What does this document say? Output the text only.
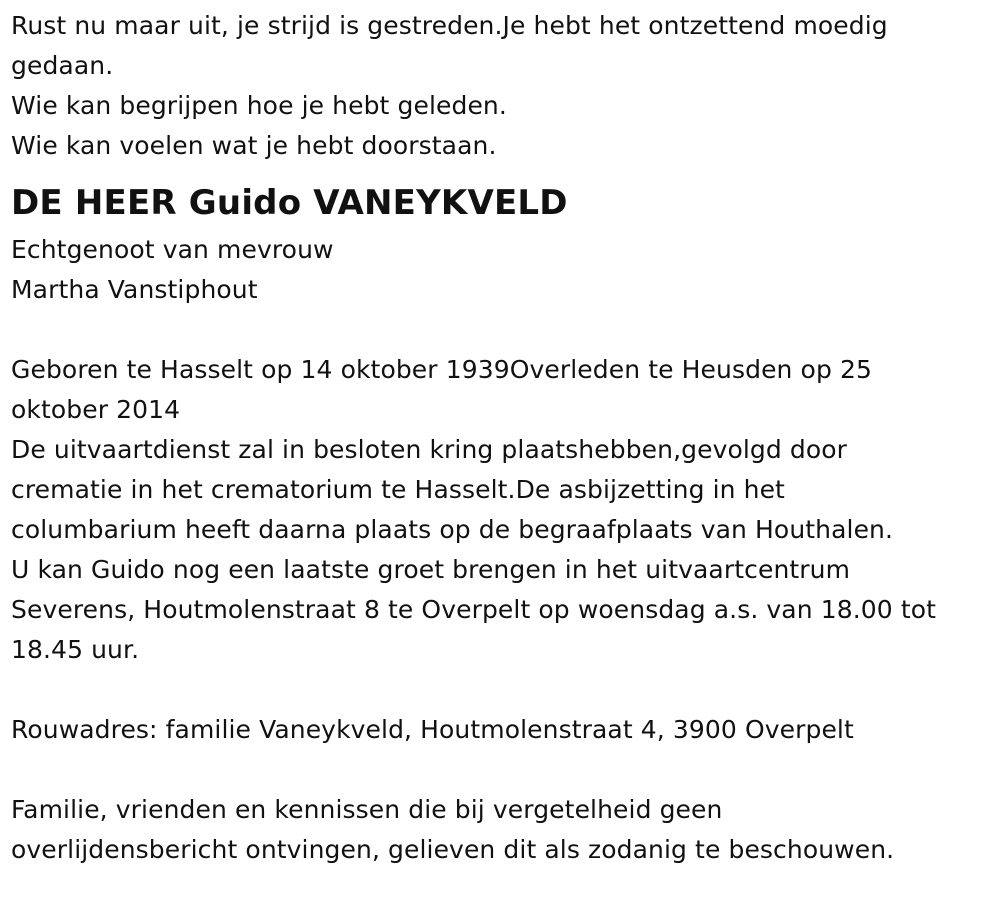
Rust nu maar uit, je strijd is gestreden.Je hebt het ontzettend moedig

gedaan.

Wie kan begrijpen hoe je hebt geleden.

Wie kan voelen wat je hebt doorstaan.

DE HEER Guido VANEYKVELD

Echtgenoot van mevrouw

Martha Vanstiphout

Geboren te Hasselt op 14 oktober 1939Overleden te Heusden op 25

oktober 2014

De uitvaartdienst zal in besloten kring plaatshebben,gevolgd door

crematie in het crematorium te Hasselt.De asbijzetting in het

columbarium heeft daarna plaats op de begraafplaats van Houthalen.

U kan Guido nog een laatste groet brengen in het uitvaartcentrum

Severens, Houtmolenstraat 8 te Overpelt op woensdag a.s. van 18.00 tot

18.45 uur.

Rouwadres: familie Vaneykveld, Houtmolenstraat 4, 3900 Overpelt

Familie, vrienden en kennissen die bij vergetelheid geen

overlijdensbericht ontvingen, gelieven dit als zodanig te beschouwen.
